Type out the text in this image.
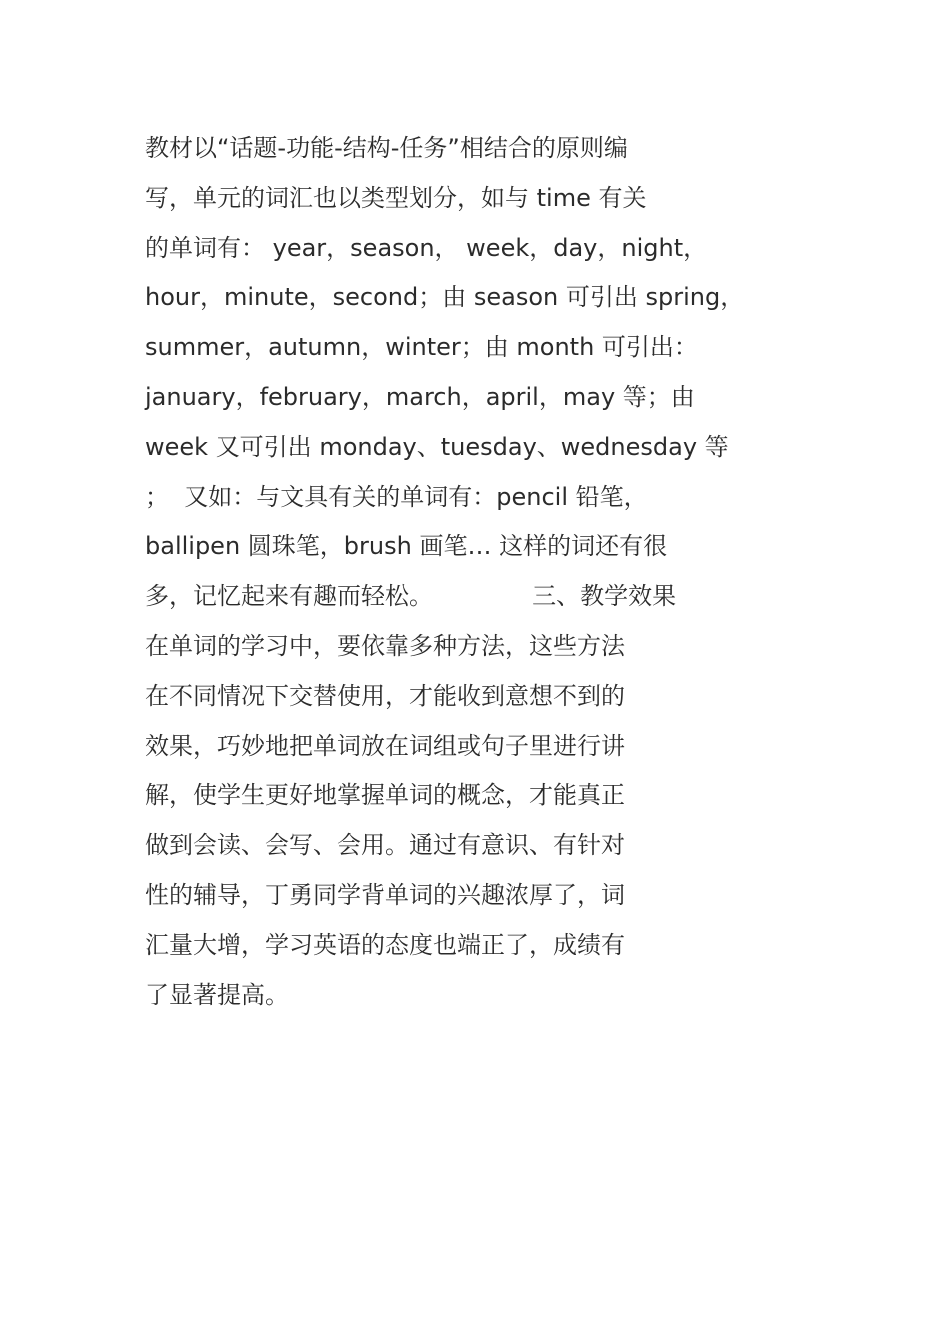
教材以“话题-功能-结构-任务”相结合的原则编
写，单元的词汇也以类型划分，如与 time 有关
的单词有： year，season， week，day，night，
hour，minute，second；由 season 可引出 spring，
summer，autumn，winter；由 month 可引出：
january，february，march，april，may 等；由
week 又可引出 monday、tuesday、wednesday 等
；  又如：与文具有关的单词有：pencil 铅笔，
ballipen 圆珠笔，brush 画笔… 这样的词还有很
多，记忆起来有趣而轻松。             三、教学效果
在单词的学习中，要依靠多种方法，这些方法
在不同情况下交替使用，才能收到意想不到的
效果，巧妙地把单词放在词组或句子里进行讲
解，使学生更好地掌握单词的概念，才能真正
做到会读、会写、会用。通过有意识、有针对
性的辅导，丁勇同学背单词的兴趣浓厚了，词
汇量大增，学习英语的态度也端正了，成绩有
了显著提高。
